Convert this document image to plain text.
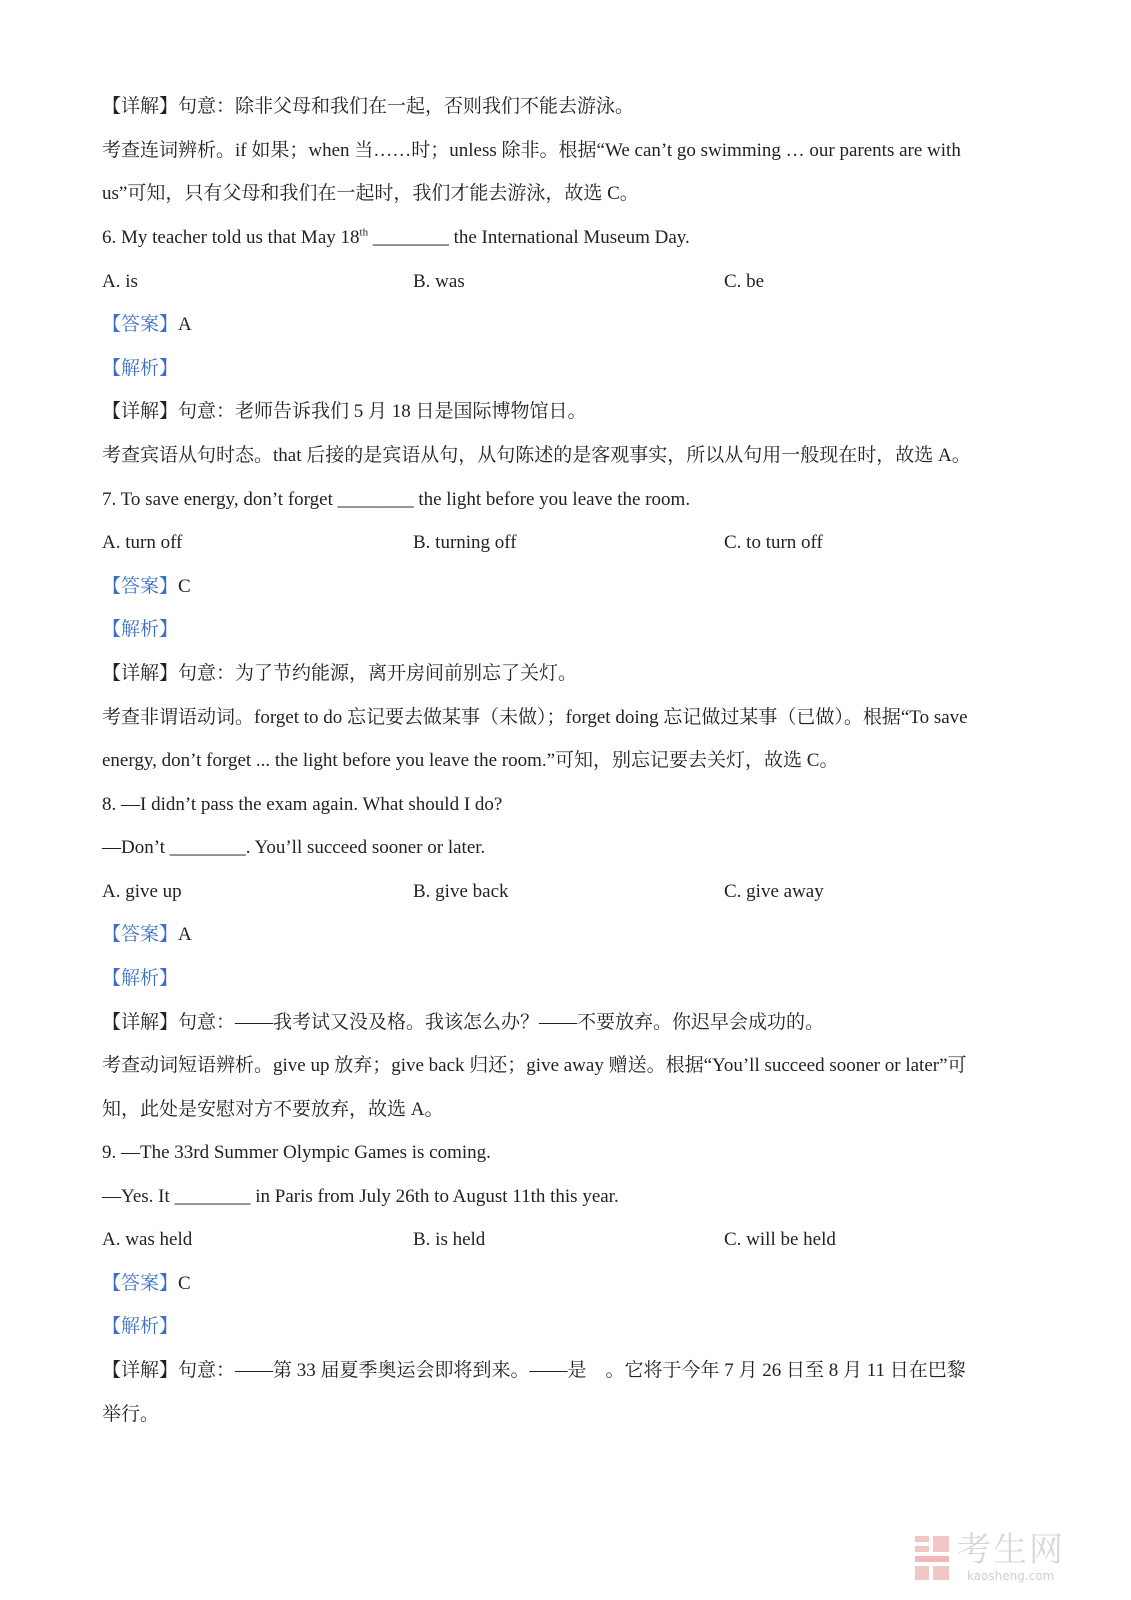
【详解】句意：除非父母和我们在一起，否则我们不能去游泳。
考查连词辨析。if 如果；when 当……时；unless 除非。根据“We can’t go swimming … our parents are with
us”可知，只有父母和我们在一起时，我们才能去游泳，故选 C。
6. My teacher told us that May 18th ________ the International Museum Day.
A. is	B. was	C. be
【答案】A
【解析】
【详解】句意：老师告诉我们 5 月 18 日是国际博物馆日。
考查宾语从句时态。that 后接的是宾语从句，从句陈述的是客观事实，所以从句用一般现在时，故选 A。
7. To save energy, don’t forget ________ the light before you leave the room.
A. turn off	B. turning off	C. to turn off
【答案】C
【解析】
【详解】句意：为了节约能源，离开房间前别忘了关灯。
考查非谓语动词。forget to do 忘记要去做某事（未做）；forget doing 忘记做过某事（已做）。根据“To save
energy, don’t forget ... the light before you leave the room.”可知，别忘记要去关灯，故选 C。
8. —I didn’t pass the exam again. What should I do?
—Don’t ________. You’ll succeed sooner or later.
A. give up	B. give back	C. give away
【答案】A
【解析】
【详解】句意：——我考试又没及格。我该怎么办？——不要放弃。你迟早会成功的。
考查动词短语辨析。give up 放弃；give back 归还；give away 赠送。根据“You’ll succeed sooner or later”可
知，此处是安慰对方不要放弃，故选 A。
9. —The 33rd Summer Olympic Games is coming.
—Yes. It ________ in Paris from July 26th to August 11th this year.
A. was held	B. is held	C. will be held
【答案】C
【解析】
【详解】句意：——第 33 届夏季奥运会即将到来。——是　。它将于今年 7 月 26 日至 8 月 11 日在巴黎
举行。
考生网
kaosheng.com
